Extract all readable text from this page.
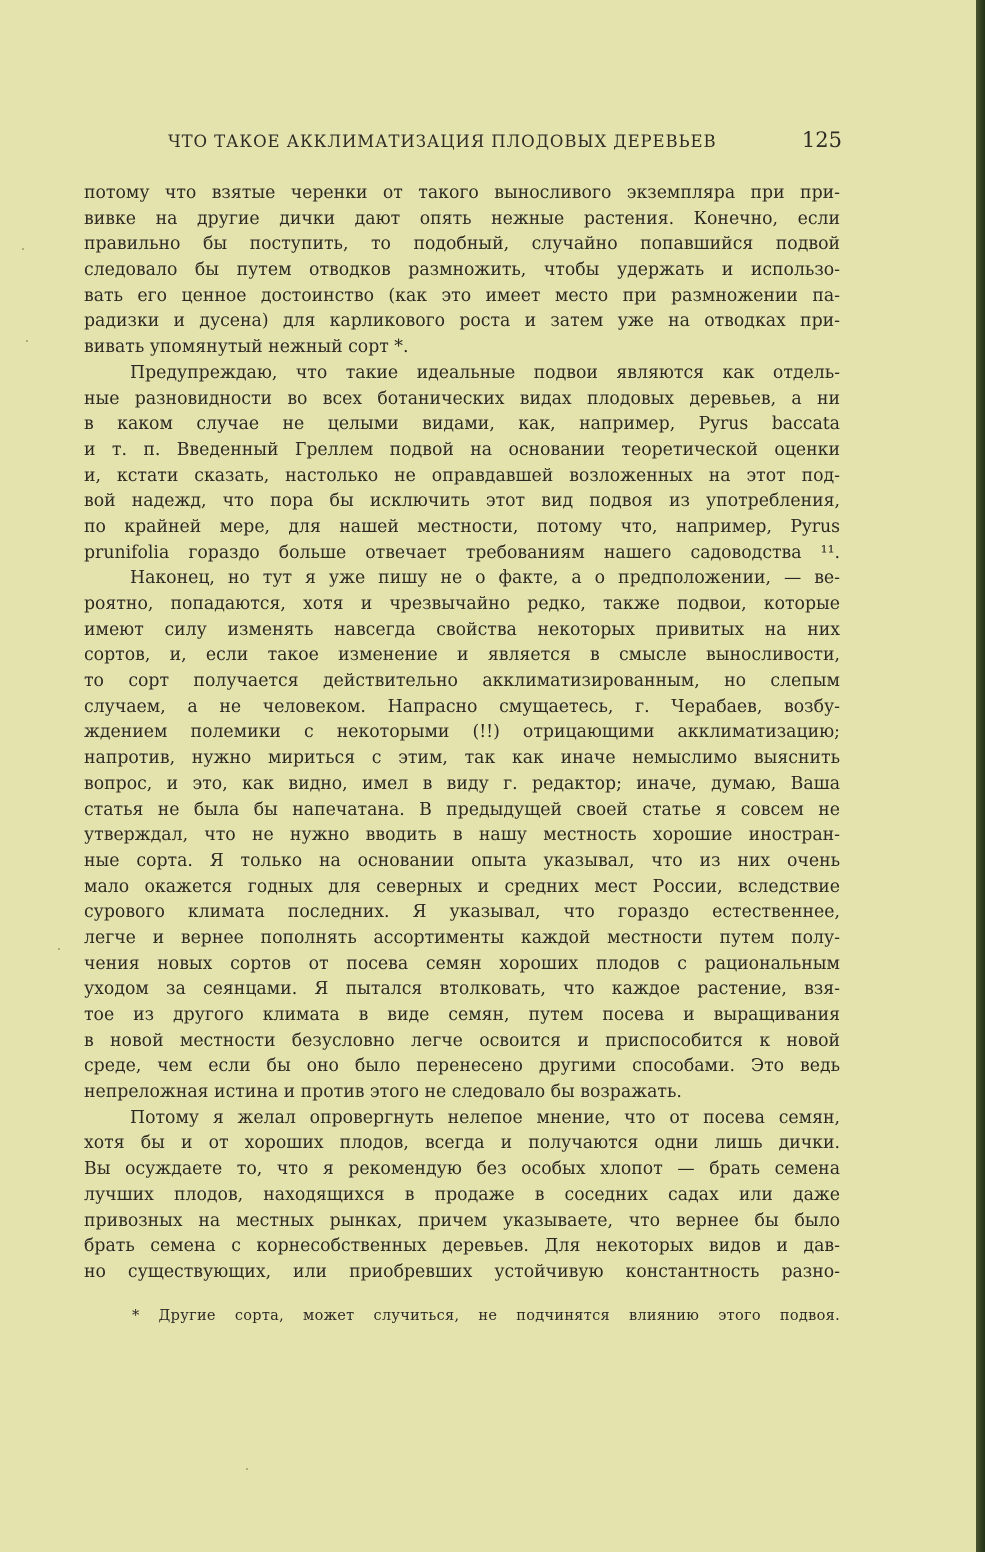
ЧТО ТАКОЕ АККЛИМАТИЗАЦИЯ ПЛОДОВЫХ ДЕРЕВЬЕВ	125
потому что взятые черенки от такого выносливого экземпляра при при-
вивке на другие дички дают опять нежные растения. Конечно, если
правильно бы поступить, то подобный, случайно попавшийся подвой
следовало бы путем отводков размножить, чтобы удержать и использо-
вать его ценное достоинство (как это имеет место при размножении па-
радизки и дусена) для карликового роста и затем уже на отводках при-
вивать упомянутый нежный сорт *.
Предупреждаю, что такие идеальные подвои являются как отдель-
ные разновидности во всех ботанических видах плодовых деревьев, а ни
в каком случае не целыми видами, как, например, Pyrus baccata
и т. п. Введенный Греллем подвой на основании теоретической оценки
и, кстати сказать, настолько не оправдавшей возложенных на этот под-
вой надежд, что пора бы исключить этот вид подвоя из употребления,
по крайней мере, для нашей местности, потому что, например, Pyrus
prunifolia гораздо больше отвечает требованиям нашего садоводства ¹¹.
Наконец, но тут я уже пишу не о факте, а о предположении, — ве-
роятно, попадаются, хотя и чрезвычайно редко, также подвои, которые
имеют силу изменять навсегда свойства некоторых привитых на них
сортов, и, если такое изменение и является в смысле выносливости,
то сорт получается действительно акклиматизированным, но слепым
случаем, а не человеком. Напрасно смущаетесь, г. Черабаев, возбу-
ждением полемики с некоторыми (!!) отрицающими акклиматизацию;
напротив, нужно мириться с этим, так как иначе немыслимо выяснить
вопрос, и это, как видно, имел в виду г. редактор; иначе, думаю, Ваша
статья не была бы напечатана. В предыдущей своей статье я совсем не
утверждал, что не нужно вводить в нашу местность хорошие иностран-
ные сорта. Я только на основании опыта указывал, что из них очень
мало окажется годных для северных и средних мест России, вследствие
сурового климата последних. Я указывал, что гораздо естественнее,
легче и вернее пополнять ассортименты каждой местности путем полу-
чения новых сортов от посева семян хороших плодов с рациональным
уходом за сеянцами. Я пытался втолковать, что каждое растение, взя-
тое из другого климата в виде семян, путем посева и выращивания
в новой местности безусловно легче освоится и приспособится к новой
среде, чем если бы оно было перенесено другими способами. Это ведь
непреложная истина и против этого не следовало бы возражать.
Потому я желал опровергнуть нелепое мнение, что от посева семян,
хотя бы и от хороших плодов, всегда и получаются одни лишь дички.
Вы осуждаете то, что я рекомендую без особых хлопот — брать семена
лучших плодов, находящихся в продаже в соседних садах или даже
привозных на местных рынках, причем указываете, что вернее бы было
брать семена с корнесобственных деревьев. Для некоторых видов и дав-
но существующих, или приобревших устойчивую константность разно-
* Другие сорта, может случиться, не подчинятся влиянию этого подвоя.
